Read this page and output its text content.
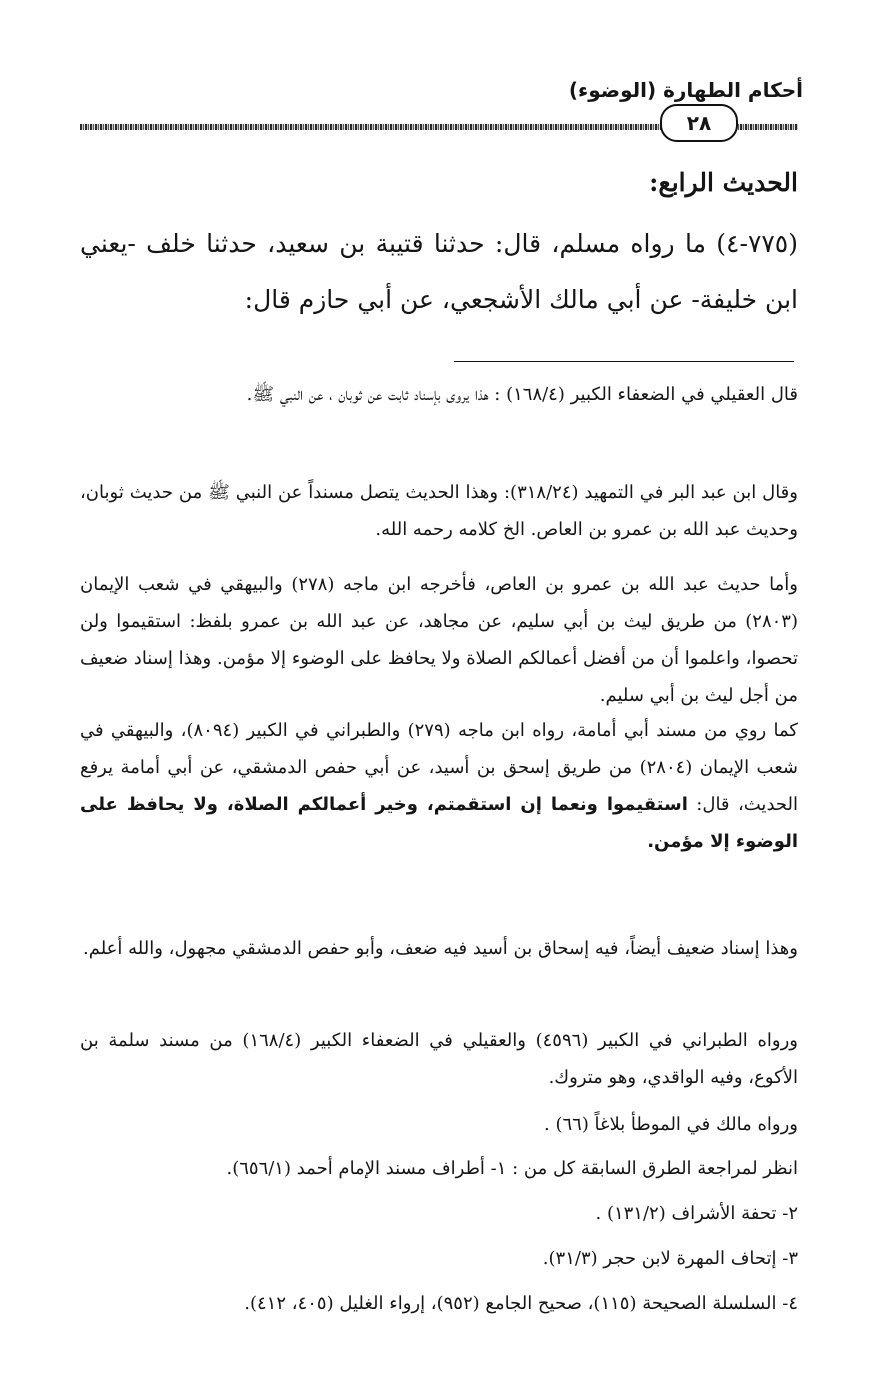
أحكام الطهارة (الوضوء)
٢٨
الحديث الرابع:
(٧٧٥-٤) ما رواه مسلم، قال: حدثنا قتيبة بن سعيد، حدثنا خلف -يعني ابن خليفة- عن أبي مالك الأشجعي، عن أبي حازم قال:
قال العقيلي في الضعفاء الكبير (١٦٨/٤) : هذا يروى بإسناد ثابت عن ثوبان ، عن النبي ﷺ.
وقال ابن عبد البر في التمهيد (٣١٨/٢٤): وهذا الحديث يتصل مسنداً عن النبي ﷺ من حديث ثوبان، وحديث عبد الله بن عمرو بن العاص. الخ كلامه رحمه الله.
وأما حديث عبد الله بن عمرو بن العاص، فأخرجه ابن ماجه (٢٧٨) والبيهقي في شعب الإيمان (٢٨٠٣) من طريق ليث بن أبي سليم، عن مجاهد، عن عبد الله بن عمرو بلفظ: استقيموا ولن تحصوا، واعلموا أن من أفضل أعمالكم الصلاة ولا يحافظ على الوضوء إلا مؤمن. وهذا إسناد ضعيف من أجل ليث بن أبي سليم.
كما روي من مسند أبي أمامة، رواه ابن ماجه (٢٧٩) والطبراني في الكبير (٨٠٩٤)، والبيهقي في شعب الإيمان (٢٨٠٤) من طريق إسحق بن أسيد، عن أبي حفص الدمشقي، عن أبي أمامة يرفع الحديث، قال: استقيموا ونعما إن استقمتم، وخير أعمالكم الصلاة، ولا يحافظ على الوضوء إلا مؤمن.
وهذا إسناد ضعيف أيضاً، فيه إسحاق بن أسيد فيه ضعف، وأبو حفص الدمشقي مجهول، والله أعلم.
ورواه الطبراني في الكبير (٤٥٩٦) والعقيلي في الضعفاء الكبير (١٦٨/٤) من مسند سلمة بن الأكوع، وفيه الواقدي، وهو متروك.
ورواه مالك في الموطأ بلاغاً (٦٦) .
انظر لمراجعة الطرق السابقة كل من : ١- أطراف مسند الإمام أحمد (٦٥٦/١).
٢- تحفة الأشراف (١٣١/٢) .
٣- إتحاف المهرة لابن حجر (٣١/٣).
٤- السلسلة الصحيحة (١١٥)، صحيح الجامع (٩٥٢)، إرواء الغليل (٤٠٥، ٤١٢).
